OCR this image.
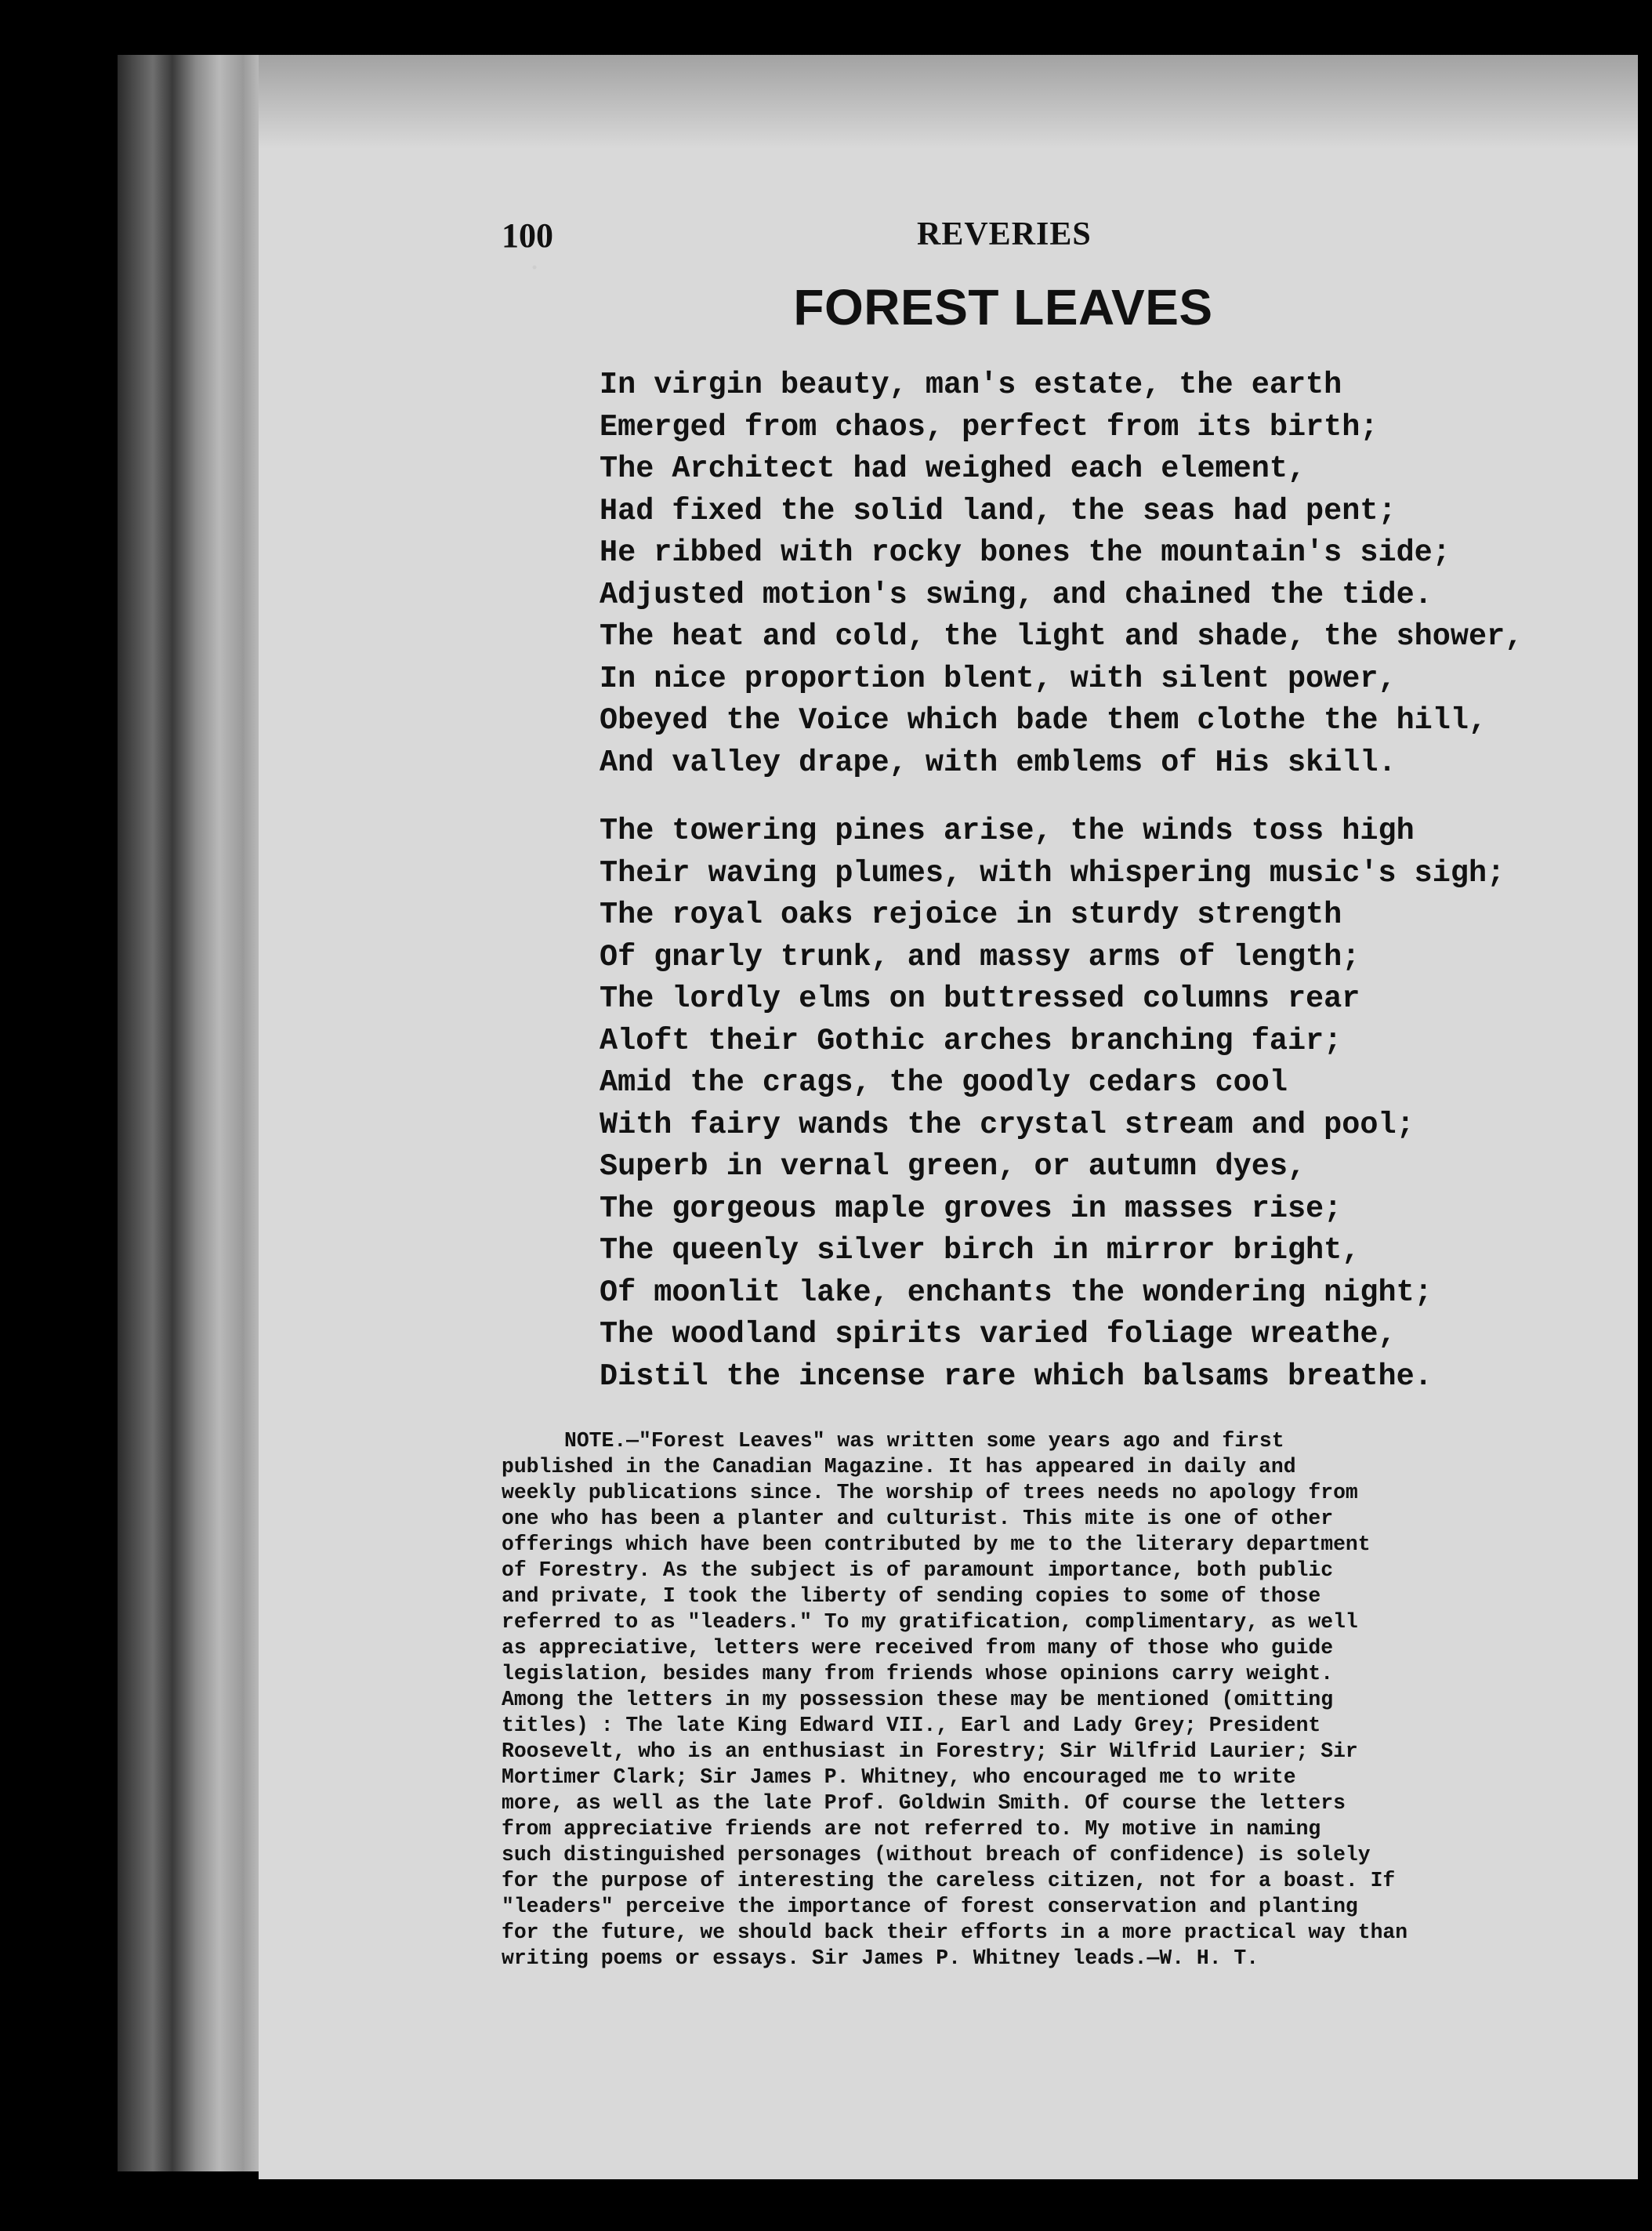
100	REVERIES
FOREST LEAVES
In virgin beauty, man's estate, the earth
Emerged from chaos, perfect from its birth;
The Architect had weighed each element,
Had fixed the solid land, the seas had pent;
He ribbed with rocky bones the mountain's side;
Adjusted motion's swing, and chained the tide.
The heat and cold, the light and shade, the shower,
In nice proportion blent, with silent power,
Obeyed the Voice which bade them clothe the hill,
And valley drape, with emblems of His skill.
The towering pines arise, the winds toss high
Their waving plumes, with whispering music's sigh;
The royal oaks rejoice in sturdy strength
Of gnarly trunk, and massy arms of length;
The lordly elms on buttressed columns rear
Aloft their Gothic arches branching fair;
Amid the crags, the goodly cedars cool
With fairy wands the crystal stream and pool;
Superb in vernal green, or autumn dyes,
The gorgeous maple groves in masses rise;
The queenly silver birch in mirror bright,
Of moonlit lake, enchants the wondering night;
The woodland spirits varied foliage wreathe,
Distil the incense rare which balsams breathe.
NOTE.—"Forest Leaves" was written some years ago and first
published in the Canadian Magazine. It has appeared in daily and
weekly publications since. The worship of trees needs no apology from
one who has been a planter and culturist. This mite is one of other
offerings which have been contributed by me to the literary department
of Forestry. As the subject is of paramount importance, both public
and private, I took the liberty of sending copies to some of those
referred to as "leaders." To my gratification, complimentary, as well
as appreciative, letters were received from many of those who guide
legislation, besides many from friends whose opinions carry weight.
Among the letters in my possession these may be mentioned (omitting
titles) : The late King Edward VII., Earl and Lady Grey; President
Roosevelt, who is an enthusiast in Forestry; Sir Wilfrid Laurier; Sir
Mortimer Clark; Sir James P. Whitney, who encouraged me to write
more, as well as the late Prof. Goldwin Smith. Of course the letters
from appreciative friends are not referred to. My motive in naming
such distinguished personages (without breach of confidence) is solely
for the purpose of interesting the careless citizen, not for a boast. If
"leaders" perceive the importance of forest conservation and planting
for the future, we should back their efforts in a more practical way than
writing poems or essays. Sir James P. Whitney leads.—W. H. T.
